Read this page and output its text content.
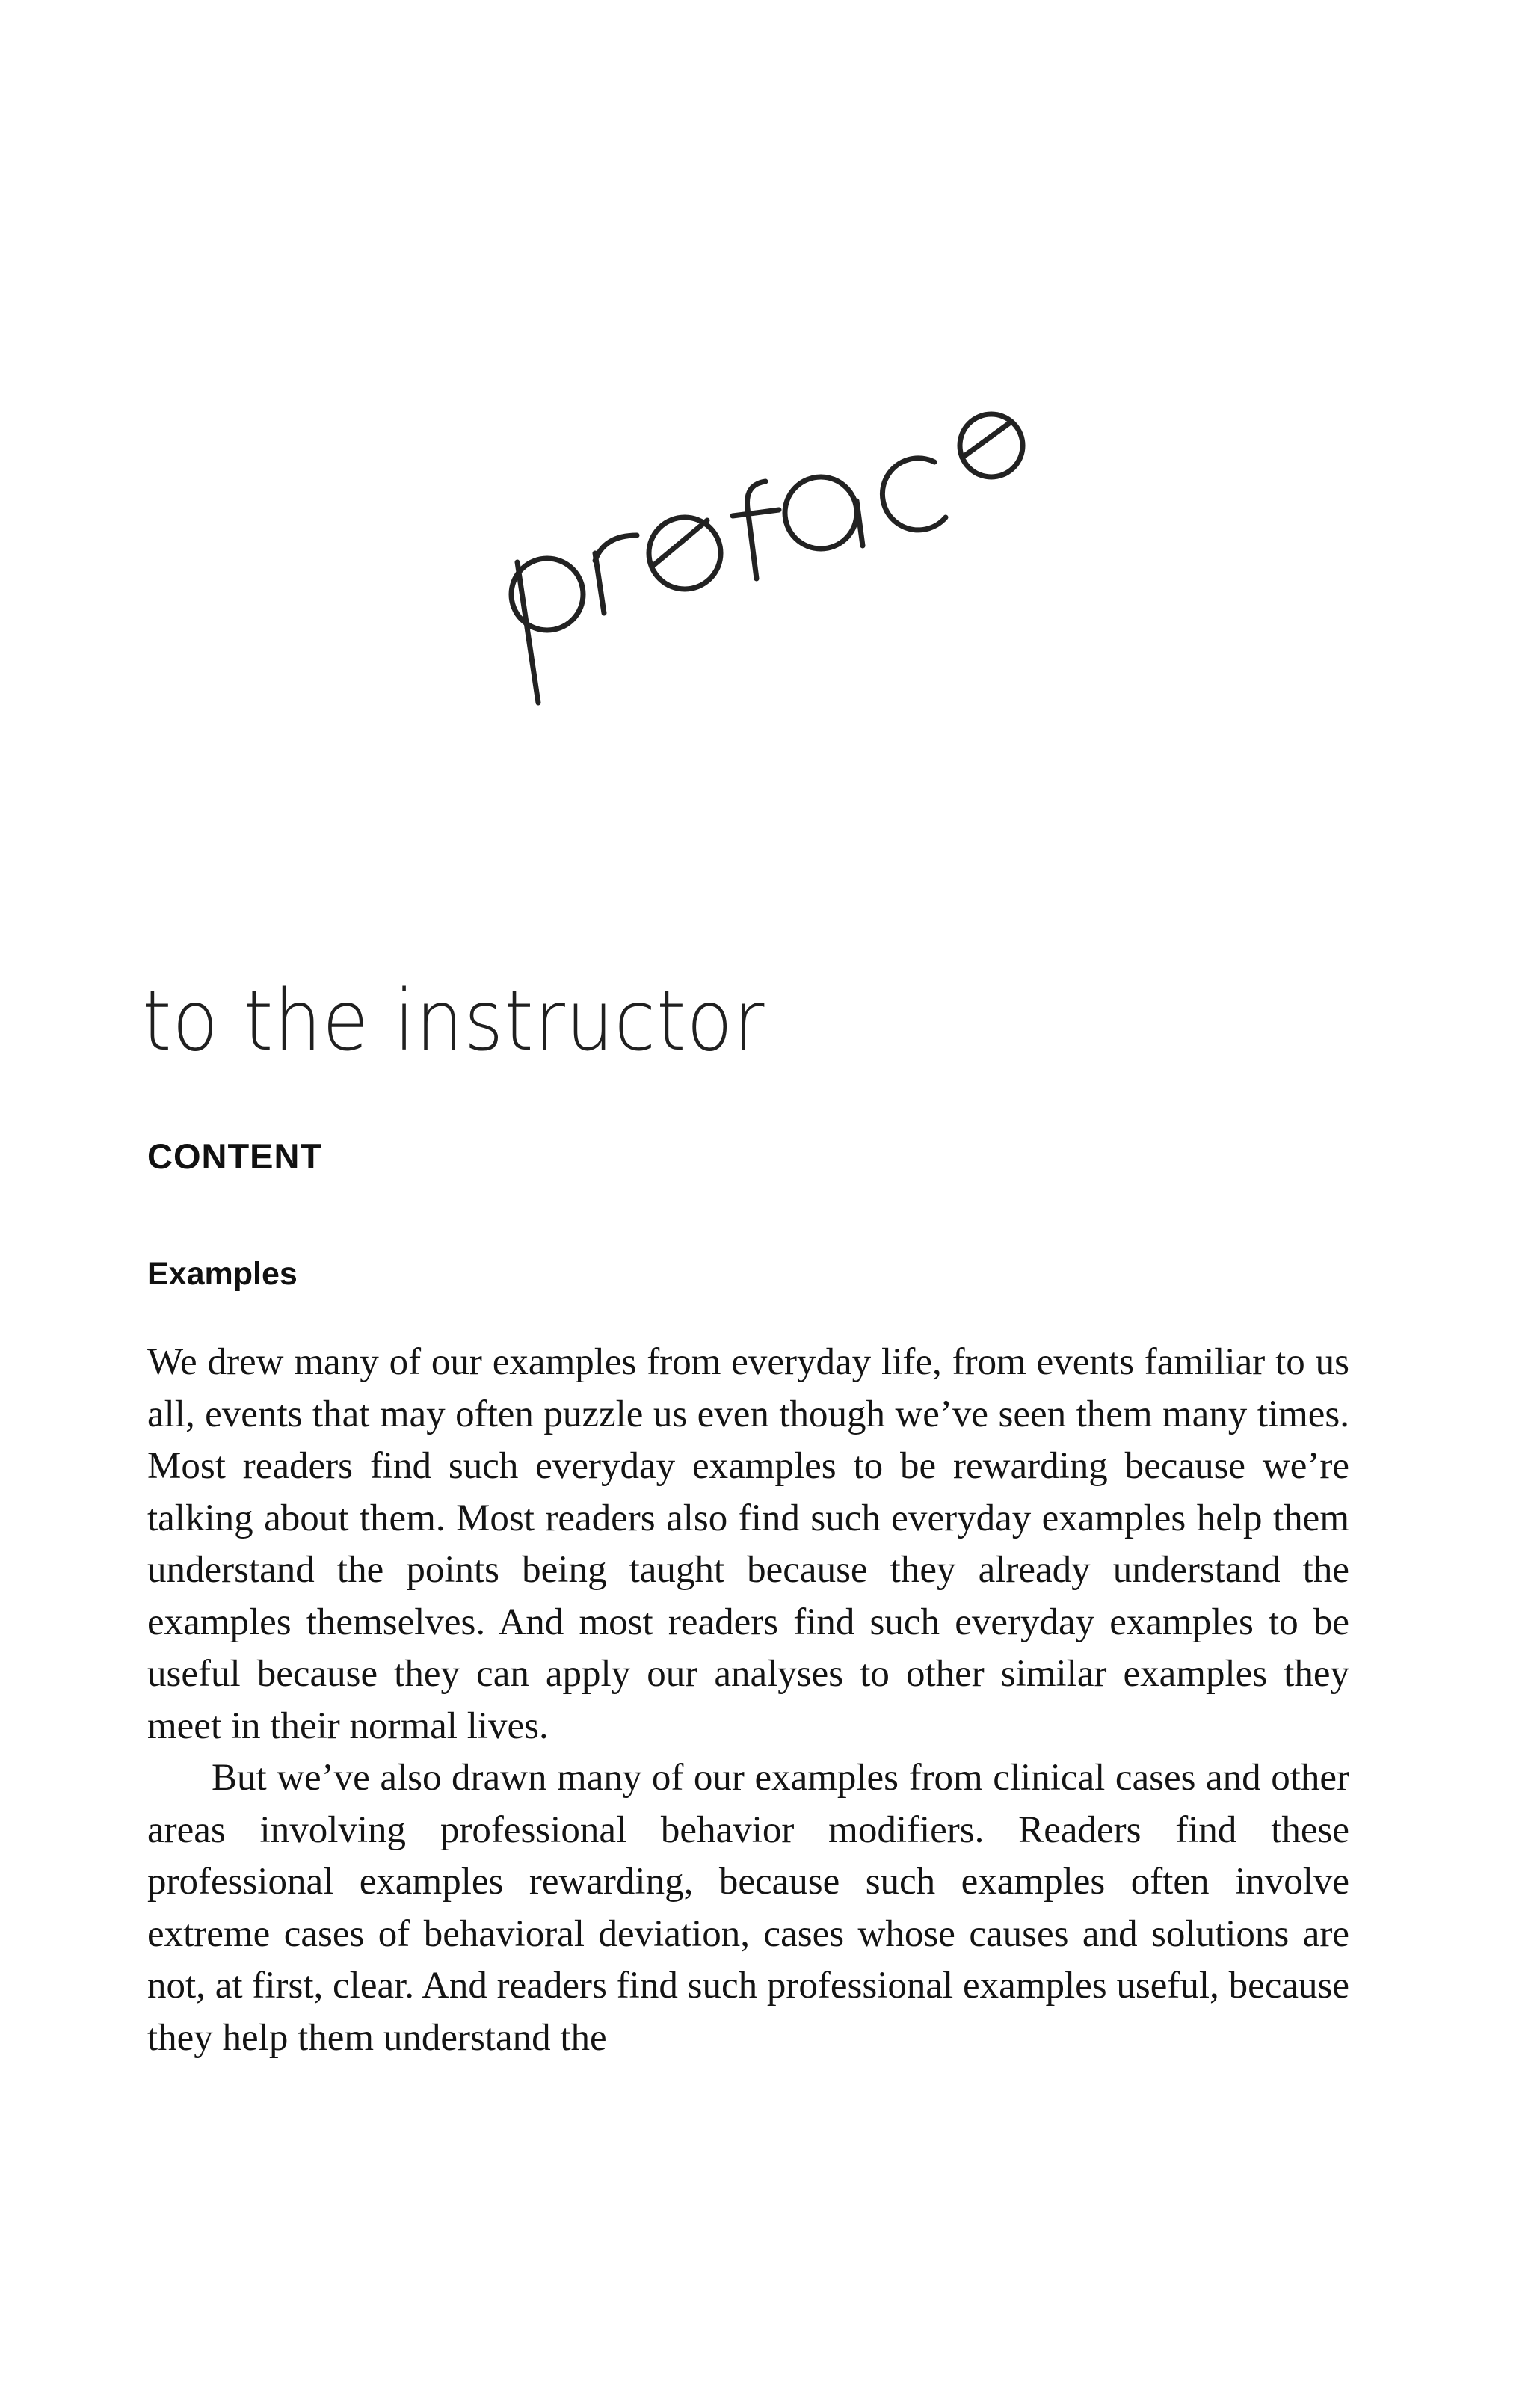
to the instructor
CONTENT
Examples

We drew many of our examples from everyday life, from events familiar to us all, events that may often puzzle us even though we’ve seen them many times. Most readers find such everyday examples to be rewarding because we’re talking about them. Most readers also find such everyday examples help them understand the points being taught because they already understand the examples themselves. And most readers find such everyday examples to be useful because they can apply our analyses to other similar examples they meet in their normal lives.

But we’ve also drawn many of our examples from clinical cases and other areas involving professional behavior modifiers. Readers find these professional examples rewarding, because such examples often involve extreme cases of behavioral deviation, cases whose causes and solutions are not, at first, clear. And readers find such professional examples useful, because they help them understand the
